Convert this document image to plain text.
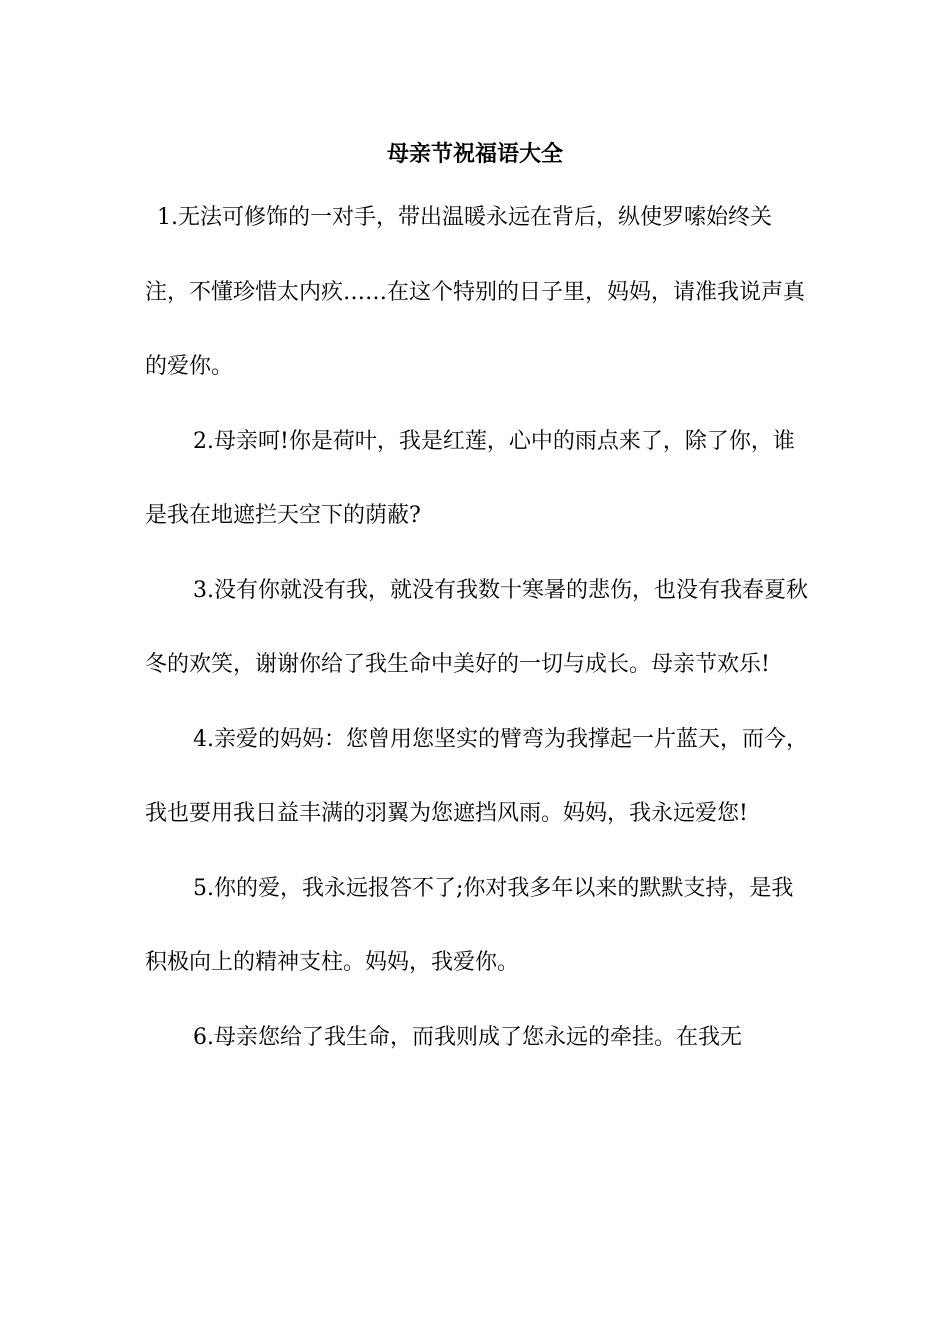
母亲节祝福语大全

1.无法可修饰的一对手，带出温暖永远在背后，纵使罗嗦始终关注，不懂珍惜太内疚……在这个特别的日子里，妈妈，请准我说声真的爱你。

2.母亲呵!你是荷叶，我是红莲，心中的雨点来了，除了你，谁是我在地遮拦天空下的荫蔽?

3.没有你就没有我，就没有我数十寒暑的悲伤，也没有我春夏秋冬的欢笑，谢谢你给了我生命中美好的一切与成长。母亲节欢乐!

4.亲爱的妈妈：您曾用您坚实的臂弯为我撑起一片蓝天，而今，我也要用我日益丰满的羽翼为您遮挡风雨。妈妈，我永远爱您!

5.你的爱，我永远报答不了;你对我多年以来的默默支持，是我积极向上的精神支柱。妈妈，我爱你。

6.母亲您给了我生命，而我则成了您永远的牵挂。在我无
